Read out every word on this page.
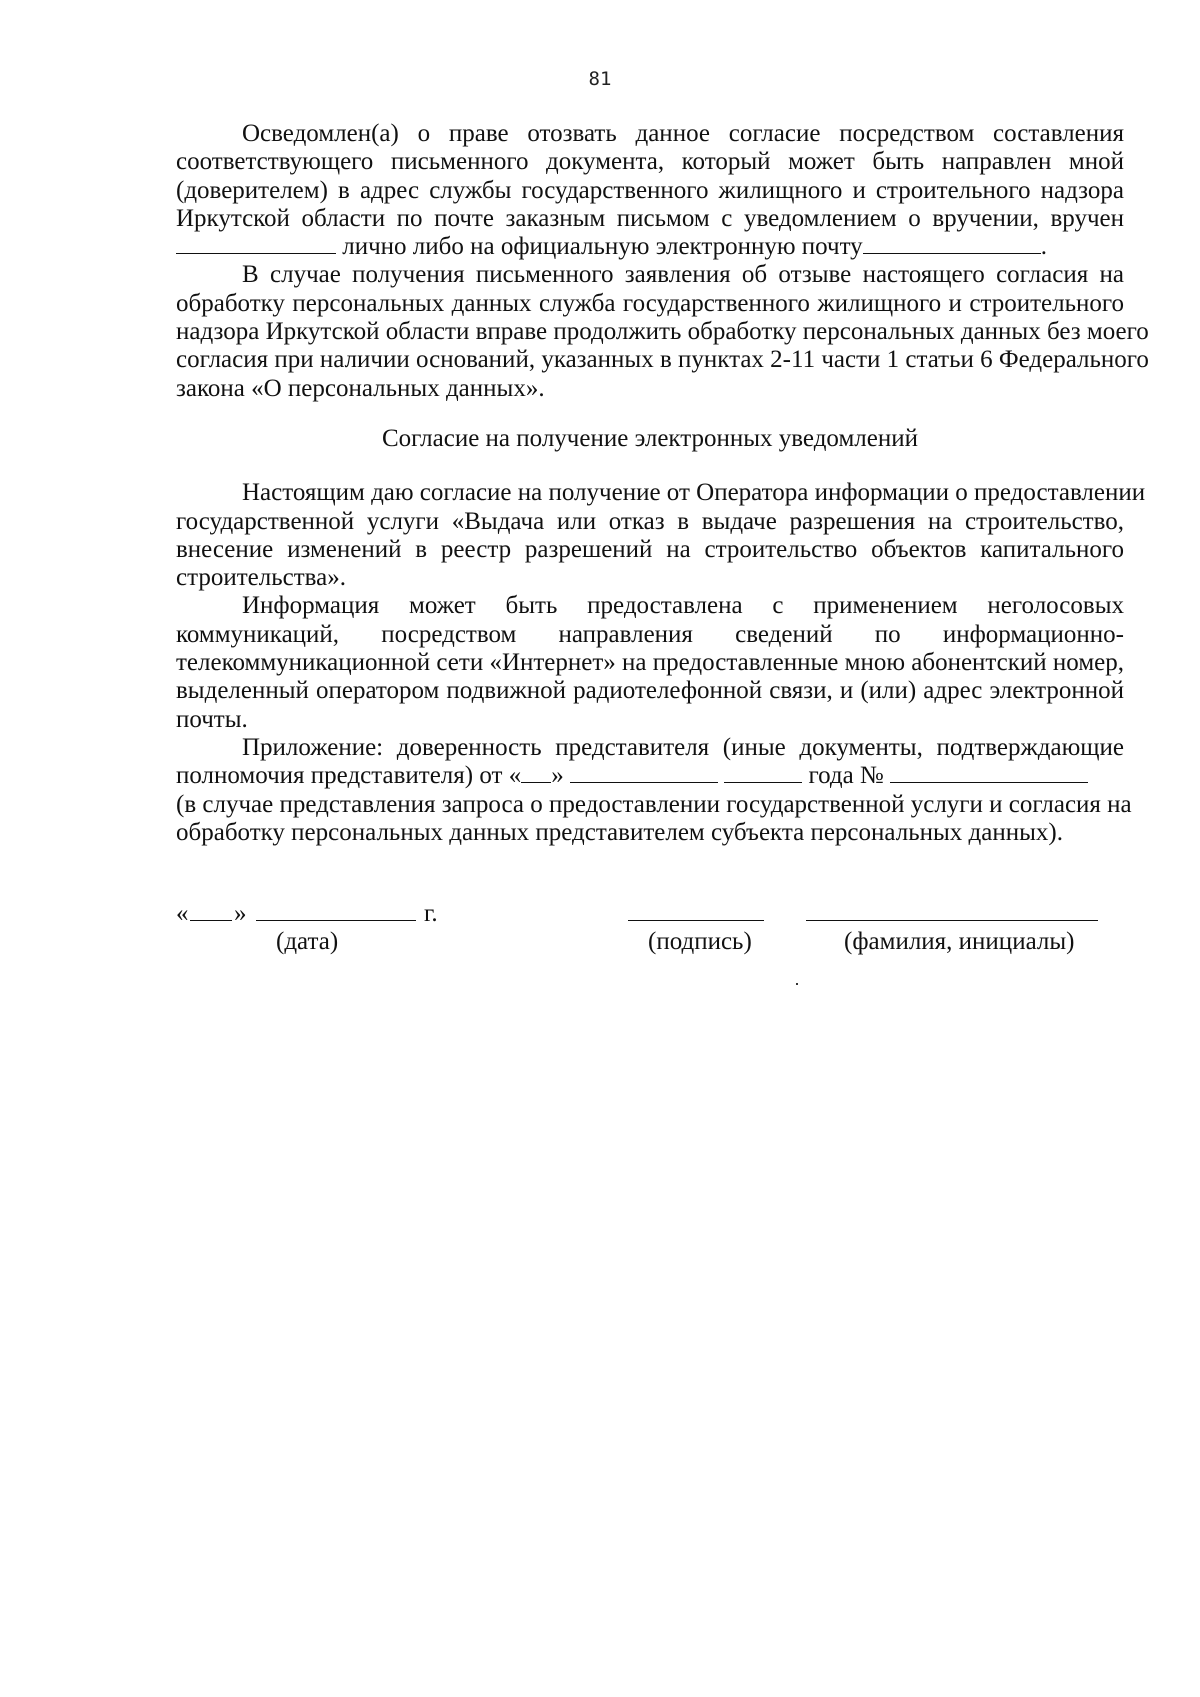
81
Осведомлен(а) о праве отозвать данное согласие посредством составления
соответствующего письменного документа, который может быть направлен мной
(доверителем) в адрес службы государственного жилищного и строительного надзора
Иркутской области по почте заказным письмом с уведомлением о вручении, вручен
лично либо на официальную электронную почту	.
В случае получения письменного заявления об отзыве настоящего согласия на
обработку персональных данных служба государственного жилищного и строительного
надзора Иркутской области вправе продолжить обработку персональных данных без моего
согласия при наличии оснований, указанных в пунктах 2-11 части 1 статьи 6 Федерального
закона «О персональных данных».
Согласие на получение электронных уведомлений
Настоящим даю согласие на получение от Оператора информации о предоставлении
государственной услуги «Выдача или отказ в выдаче разрешения на строительство,
внесение изменений в реестр разрешений на строительство объектов капитального
строительства».
Информация может быть предоставлена с применением неголосовых
коммуникаций, посредством направления сведений по информационно-
телекоммуникационной сети «Интернет» на предоставленные мною абонентский номер,
выделенный оператором подвижной радиотелефонной связи, и (или) адрес электронной
почты.
Приложение: доверенность представителя (иные документы, подтверждающие
полномочия представителя) от « »	года №
(в случае представления запроса о предоставлении государственной услуги и согласия на
обработку персональных данных представителем субъекта персональных данных).
« »	г.
(дата)	(подпись)	(фамилия, инициалы)
